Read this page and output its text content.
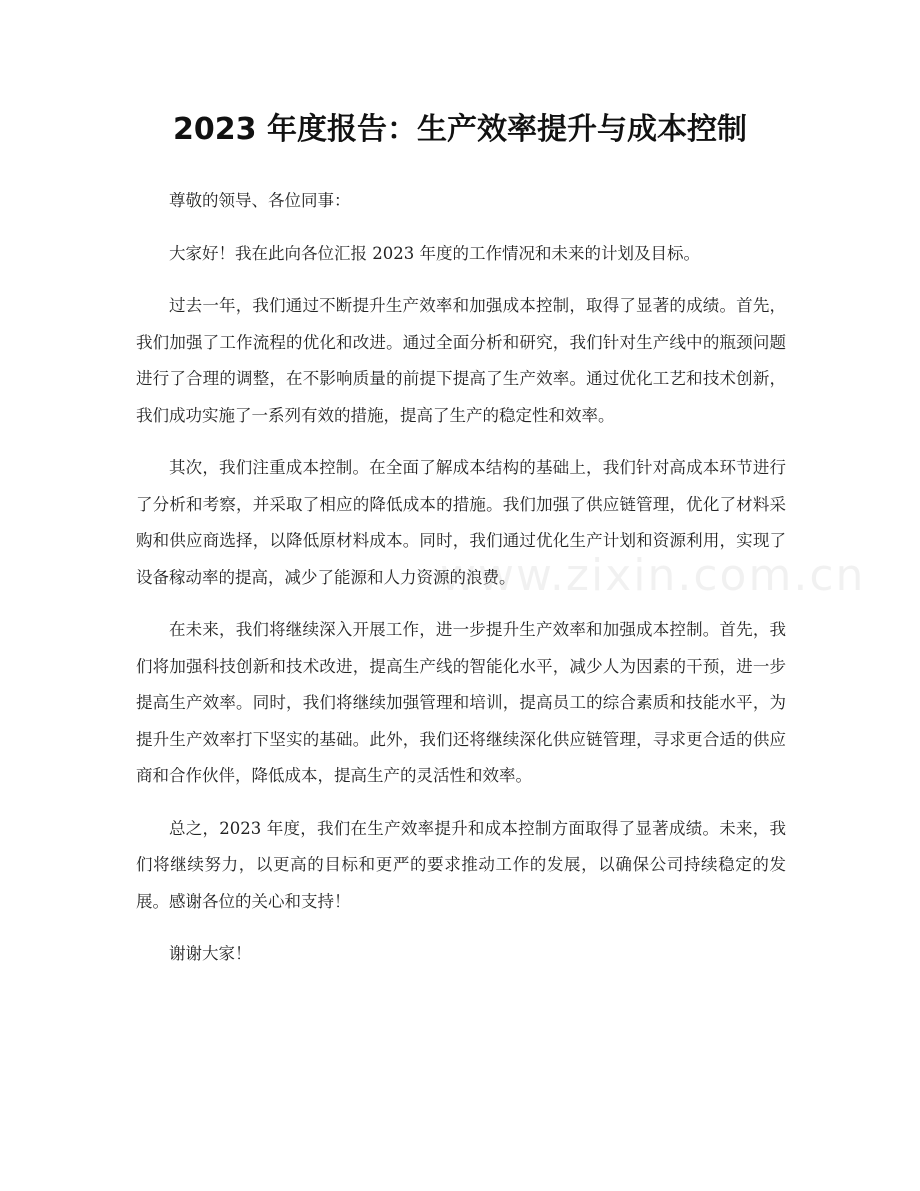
2023 年度报告：生产效率提升与成本控制

尊敬的领导、各位同事：

大家好！我在此向各位汇报 2023 年度的工作情况和未来的计划及目标。

过去一年，我们通过不断提升生产效率和加强成本控制，取得了显著的成绩。首先，我们加强了工作流程的优化和改进。通过全面分析和研究，我们针对生产线中的瓶颈问题进行了合理的调整，在不影响质量的前提下提高了生产效率。通过优化工艺和技术创新，我们成功实施了一系列有效的措施，提高了生产的稳定性和效率。

其次，我们注重成本控制。在全面了解成本结构的基础上，我们针对高成本环节进行了分析和考察，并采取了相应的降低成本的措施。我们加强了供应链管理，优化了材料采购和供应商选择，以降低原材料成本。同时，我们通过优化生产计划和资源利用，实现了设备稼动率的提高，减少了能源和人力资源的浪费。

在未来，我们将继续深入开展工作，进一步提升生产效率和加强成本控制。首先，我们将加强科技创新和技术改进，提高生产线的智能化水平，减少人为因素的干预，进一步提高生产效率。同时，我们将继续加强管理和培训，提高员工的综合素质和技能水平，为提升生产效率打下坚实的基础。此外，我们还将继续深化供应链管理，寻求更合适的供应商和合作伙伴，降低成本，提高生产的灵活性和效率。

总之，2023 年度，我们在生产效率提升和成本控制方面取得了显著成绩。未来，我们将继续努力，以更高的目标和更严的要求推动工作的发展，以确保公司持续稳定的发展。感谢各位的关心和支持！

谢谢大家！

www.zixin.com.cn
